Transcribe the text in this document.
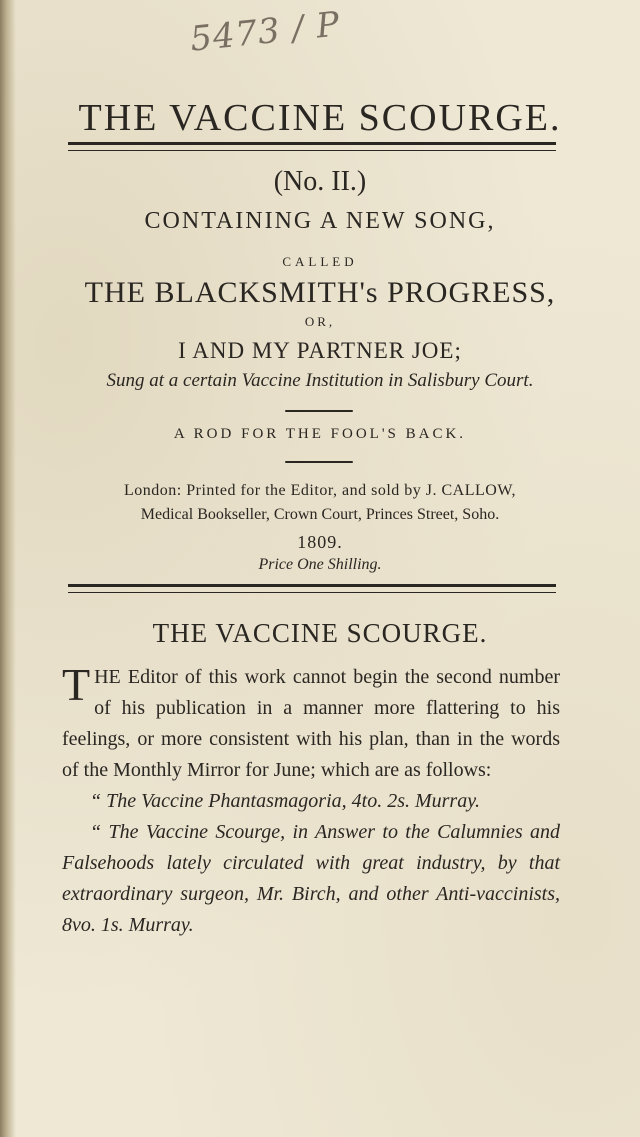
5473 / P
THE VACCINE SCOURGE.
(No. II.)
CONTAINING A NEW SONG,
CALLED
THE BLACKSMITH's PROGRESS,
OR,
I AND MY PARTNER JOE;
Sung at a certain Vaccine Institution in Salisbury Court.
A ROD FOR THE FOOL'S BACK.
London: Printed for the Editor, and sold by J. CALLOW,
Medical Bookseller, Crown Court, Princes Street, Soho.
1809.
Price One Shilling.
THE VACCINE SCOURGE.

THE Editor of this work cannot begin the second number of his publication in a manner more flattering to his feelings, or more consistent with his plan, than in the words of the Monthly Mirror for June; which are as follows:

“ The Vaccine Phantasmagoria, 4to. 2s. Murray.

“ The Vaccine Scourge, in Answer to the Calumnies and Falsehoods lately circulated with great industry, by that extraordinary surgeon, Mr. Birch, and other Anti-vaccinists, 8vo. 1s. Murray.
